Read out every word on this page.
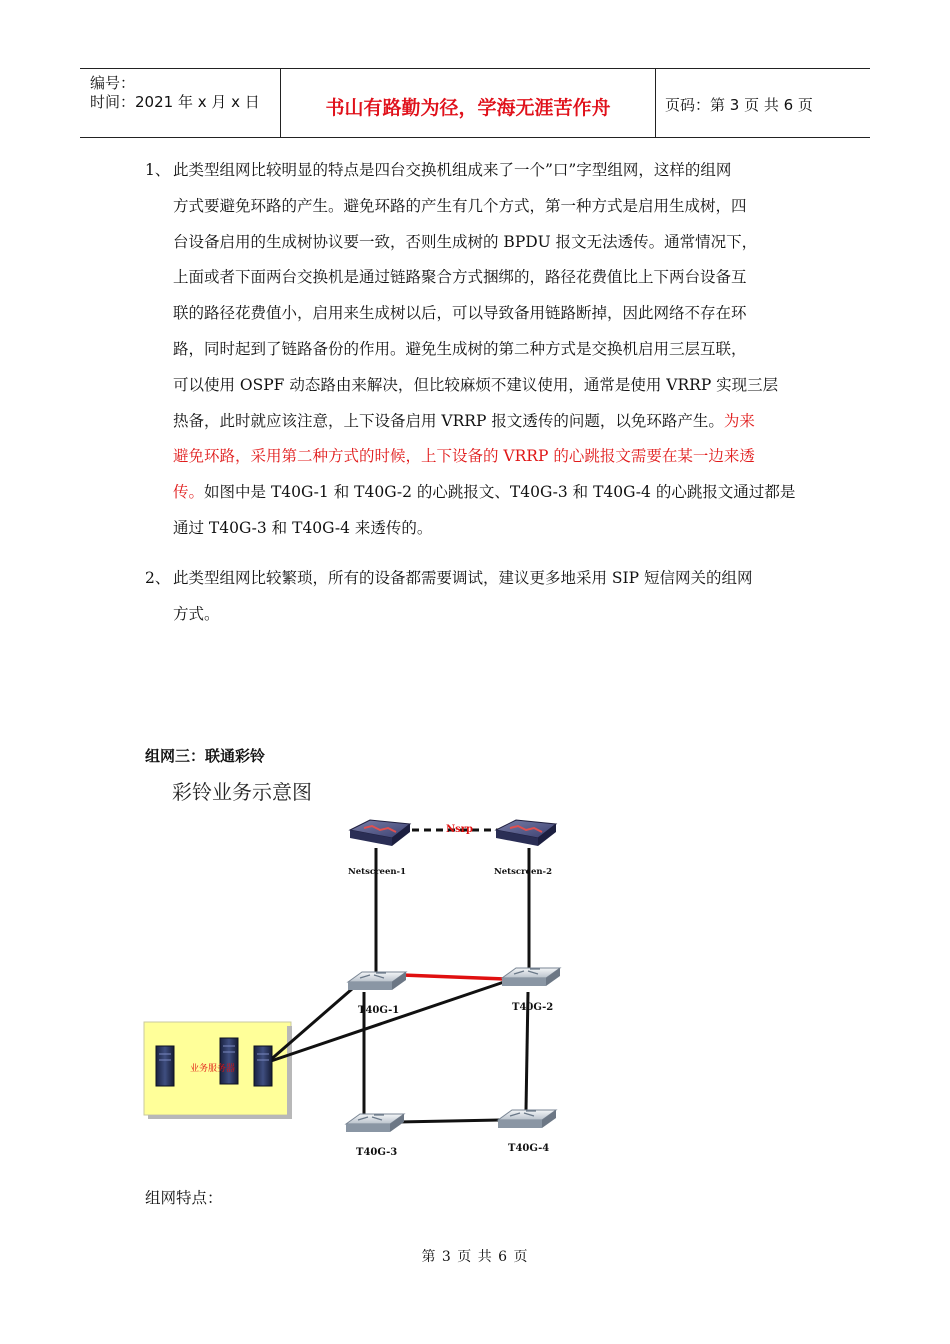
编号：
时间：2021 年 x 月 x 日	书山有路勤为径，学海无涯苦作舟	页码：第 3 页 共 6 页
1、 此类型组网比较明显的特点是四台交换机组成来了一个”口”字型组网，这样的组网
方式要避免环路的产生。避免环路的产生有几个方式，第一种方式是启用生成树，四
台设备启用的生成树协议要一致，否则生成树的 BPDU 报文无法透传。通常情况下，
上面或者下面两台交换机是通过链路聚合方式捆绑的，路径花费值比上下两台设备互
联的路径花费值小，启用来生成树以后，可以导致备用链路断掉，因此网络不存在环
路，同时起到了链路备份的作用。避免生成树的第二种方式是交换机启用三层互联，
可以使用 OSPF 动态路由来解决，但比较麻烦不建议使用，通常是使用 VRRP 实现三层
热备，此时就应该注意，上下设备启用 VRRP 报文透传的问题，以免环路产生。为来
避免环路，采用第二种方式的时候，上下设备的 VRRP 的心跳报文需要在某一边来透
传。如图中是 T40G-1 和 T40G-2 的心跳报文、T40G-3 和 T40G-4 的心跳报文通过都是
通过 T40G-3 和 T40G-4 来透传的。
2、 此类型组网比较繁琐，所有的设备都需要调试，建议更多地采用 SIP 短信网关的组网
方式。
组网三：联通彩铃
Nsrp
Netscreen-1	Netscreen-2
T40G-1	T40G-2
T40G-3	T40G-4
业务服务器
彩铃业务示意图
组网特点：
第 3 页 共 6 页
